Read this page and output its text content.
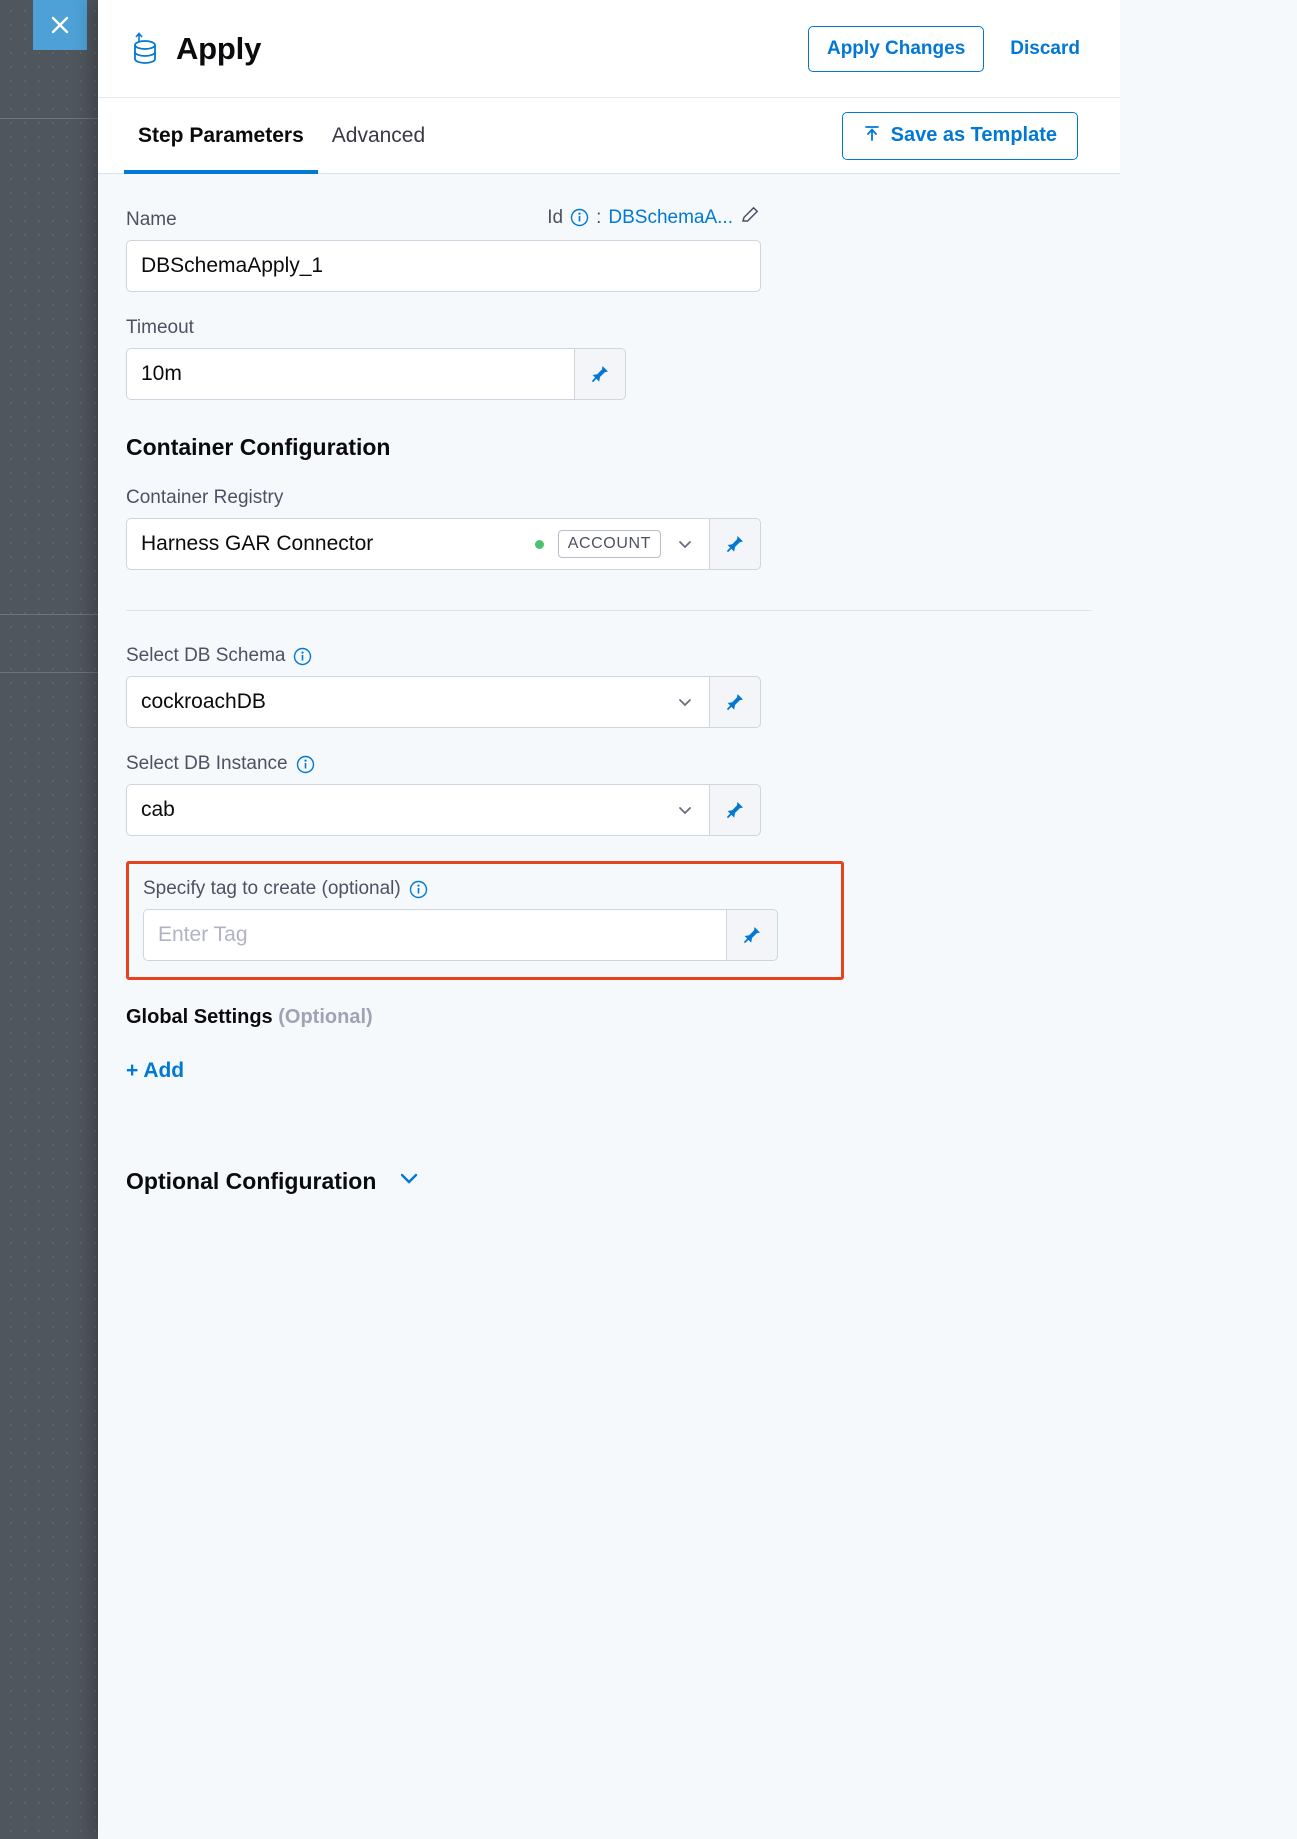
Apply	Apply Changes	Discard
Step Parameters	Advanced	Save as Template
Name	Id : DBSchemaA...
DBSchemaApply_1
Timeout
10m
Container Configuration
Container Registry
Harness GAR Connector	ACCOUNT
Select DB Schema
cockroachDB
Select DB Instance
cab
Specify tag to create (optional)
Enter Tag
Global Settings (Optional)
+ Add
Optional Configuration
